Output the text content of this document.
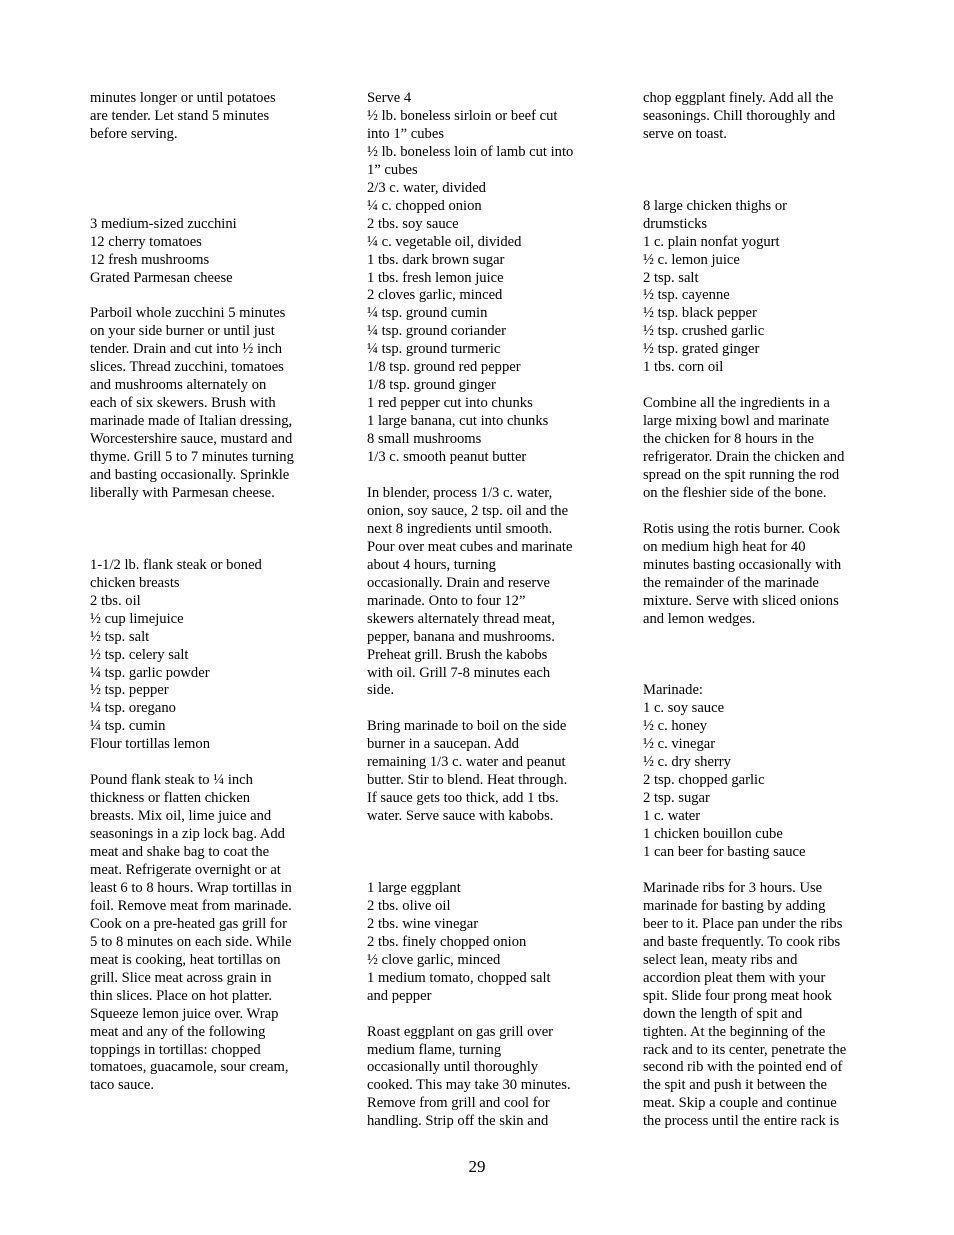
minutes longer or until potatoes
are tender. Let stand 5 minutes
before serving.

3 medium-sized zucchini
12 cherry tomatoes
12 fresh mushrooms
Grated Parmesan cheese

Parboil whole zucchini 5 minutes
on your side burner or until just
tender. Drain and cut into ½ inch
slices. Thread zucchini, tomatoes
and mushrooms alternately on
each of six skewers. Brush with
marinade made of Italian dressing,
Worcestershire sauce, mustard and
thyme. Grill 5 to 7 minutes turning
and basting occasionally. Sprinkle
liberally with Parmesan cheese.

1-1/2 lb. flank steak or boned
chicken breasts
2 tbs. oil
½ cup limejuice
½ tsp. salt
½ tsp. celery salt
¼ tsp. garlic powder
½ tsp. pepper
¼ tsp. oregano
¼ tsp. cumin
Flour tortillas lemon

Pound flank steak to ¼ inch
thickness or flatten chicken
breasts. Mix oil, lime juice and
seasonings in a zip lock bag. Add
meat and shake bag to coat the
meat. Refrigerate overnight or at
least 6 to 8 hours. Wrap tortillas in
foil. Remove meat from marinade.
Cook on a pre-heated gas grill for
5 to 8 minutes on each side. While
meat is cooking, heat tortillas on
grill. Slice meat across grain in
thin slices. Place on hot platter.
Squeeze lemon juice over. Wrap
meat and any of the following
toppings in tortillas: chopped
tomatoes, guacamole, sour cream,
taco sauce.
Serve 4
½ lb. boneless sirloin or beef cut
into 1” cubes
½ lb. boneless loin of lamb cut into
1” cubes
2/3 c. water, divided
¼ c. chopped onion
2 tbs. soy sauce
¼ c. vegetable oil, divided
1 tbs. dark brown sugar
1 tbs. fresh lemon juice
2 cloves garlic, minced
¼ tsp. ground cumin
¼ tsp. ground coriander
¼ tsp. ground turmeric
1/8 tsp. ground red pepper
1/8 tsp. ground ginger
1 red pepper cut into chunks
1 large banana, cut into chunks
8 small mushrooms
1/3 c. smooth peanut butter

In blender, process 1/3 c. water,
onion, soy sauce, 2 tsp. oil and the
next 8 ingredients until smooth.
Pour over meat cubes and marinate
about 4 hours, turning
occasionally. Drain and reserve
marinade. Onto to four 12”
skewers alternately thread meat,
pepper, banana and mushrooms.
Preheat grill. Brush the kabobs
with oil. Grill 7-8 minutes each
side.

Bring marinade to boil on the side
burner in a saucepan. Add
remaining 1/3 c. water and peanut
butter. Stir to blend. Heat through.
If sauce gets too thick, add 1 tbs.
water. Serve sauce with kabobs.

1 large eggplant
2 tbs. olive oil
2 tbs. wine vinegar
2 tbs. finely chopped onion
½ clove garlic, minced
1 medium tomato, chopped salt
and pepper

Roast eggplant on gas grill over
medium flame, turning
occasionally until thoroughly
cooked. This may take 30 minutes.
Remove from grill and cool for
handling. Strip off the skin and
chop eggplant finely. Add all the
seasonings. Chill thoroughly and
serve on toast.

8 large chicken thighs or
drumsticks
1 c. plain nonfat yogurt
½ c. lemon juice
2 tsp. salt
½ tsp. cayenne
½ tsp. black pepper
½ tsp. crushed garlic
½ tsp. grated ginger
1 tbs. corn oil

Combine all the ingredients in a
large mixing bowl and marinate
the chicken for 8 hours in the
refrigerator. Drain the chicken and
spread on the spit running the rod
on the fleshier side of the bone.

Rotis using the rotis burner. Cook
on medium high heat for 40
minutes basting occasionally with
the remainder of the marinade
mixture. Serve with sliced onions
and lemon wedges.

Marinade:
1 c. soy sauce
½ c. honey
½ c. vinegar
½ c. dry sherry
2 tsp. chopped garlic
2 tsp. sugar
1 c. water
1 chicken bouillon cube
1 can beer for basting sauce

Marinade ribs for 3 hours. Use
marinade for basting by adding
beer to it. Place pan under the ribs
and baste frequently. To cook ribs
select lean, meaty ribs and
accordion pleat them with your
spit. Slide four prong meat hook
down the length of spit and
tighten. At the beginning of the
rack and to its center, penetrate the
second rib with the pointed end of
the spit and push it between the
meat. Skip a couple and continue
the process until the entire rack is
29
